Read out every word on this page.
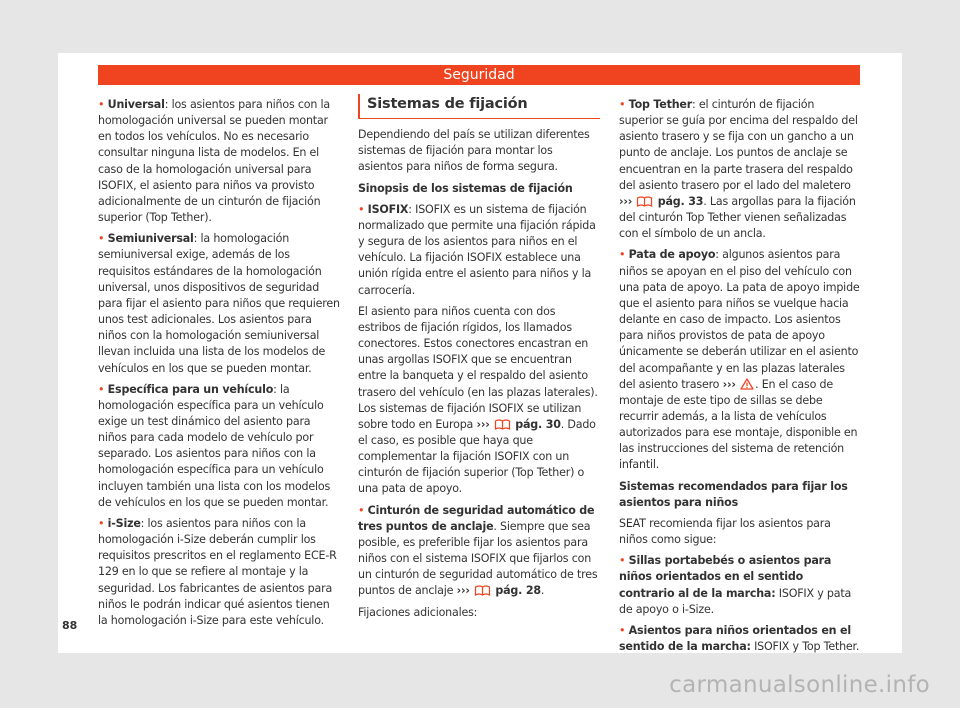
Seguridad

• Universal: los asientos para niños con la homologación universal se pueden montar en todos los vehículos. No es necesario consultar ninguna lista de modelos. En el caso de la homologación universal para ISOFIX, el asiento para niños va provisto adicionalmente de un cinturón de fijación superior (Top Tether).

• Semiuniversal: la homologación semiuniversal exige, además de los requisitos estándares de la homologación universal, unos dispositivos de seguridad para fijar el asiento para niños que requieren unos test adicionales. Los asientos para niños con la homologación semiuniversal llevan incluida una lista de los modelos de vehículos en los que se pueden montar.

• Específica para un vehículo: la homologación específica para un vehículo exige un test dinámico del asiento para niños para cada modelo de vehículo por separado. Los asientos para niños con la homologación específica para un vehículo incluyen también una lista con los modelos de vehículos en los que se pueden montar.

• i-Size: los asientos para niños con la homologación i-Size deberán cumplir los requisitos prescritos en el reglamento ECE-R 129 en lo que se refiere al montaje y la seguridad. Los fabricantes de asientos para niños le podrán indicar qué asientos tienen la homologación i-Size para este vehículo.

Sistemas de fijación

Dependiendo del país se utilizan diferentes sistemas de fijación para montar los asientos para niños de forma segura.

Sinopsis de los sistemas de fijación

• ISOFIX: ISOFIX es un sistema de fijación normalizado que permite una fijación rápida y segura de los asientos para niños en el vehículo. La fijación ISOFIX establece una unión rígida entre el asiento para niños y la carrocería.

El asiento para niños cuenta con dos estribos de fijación rígidos, los llamados conectores. Estos conectores encastran en unas argollas ISOFIX que se encuentran entre la banqueta y el respaldo del asiento trasero del vehículo (en las plazas laterales). Los sistemas de fijación ISOFIX se utilizan sobre todo en Europa ››› pág. 30. Dado el caso, es posible que haya que complementar la fijación ISOFIX con un cinturón de fijación superior (Top Tether) o una pata de apoyo.

• Cinturón de seguridad automático de tres puntos de anclaje. Siempre que sea posible, es preferible fijar los asientos para niños con el sistema ISOFIX que fijarlos con un cinturón de seguridad automático de tres puntos de anclaje ››› pág. 28.

Fijaciones adicionales:

• Top Tether: el cinturón de fijación superior se guía por encima del respaldo del asiento trasero y se fija con un gancho a un punto de anclaje. Los puntos de anclaje se encuentran en la parte trasera del respaldo del asiento trasero por el lado del maletero ››› pág. 33. Las argollas para la fijación del cinturón Top Tether vienen señalizadas con el símbolo de un ancla.

• Pata de apoyo: algunos asientos para niños se apoyan en el piso del vehículo con una pata de apoyo. La pata de apoyo impide que el asiento para niños se vuelque hacia delante en caso de impacto. Los asientos para niños provistos de pata de apoyo únicamente se deberán utilizar en el asiento del acompañante y en las plazas laterales del asiento trasero ››› . En el caso de montaje de este tipo de sillas se debe recurrir además, a la lista de vehículos autorizados para ese montaje, disponible en las instrucciones del sistema de retención infantil.

Sistemas recomendados para fijar los asientos para niños

SEAT recomienda fijar los asientos para niños como sigue:

• Sillas portabebés o asientos para niños orientados en el sentido contrario al de la marcha: ISOFIX y pata de apoyo o i-Size.

• Asientos para niños orientados en el sentido de la marcha: ISOFIX y Top Tether.

88
carmanualsonline.info
